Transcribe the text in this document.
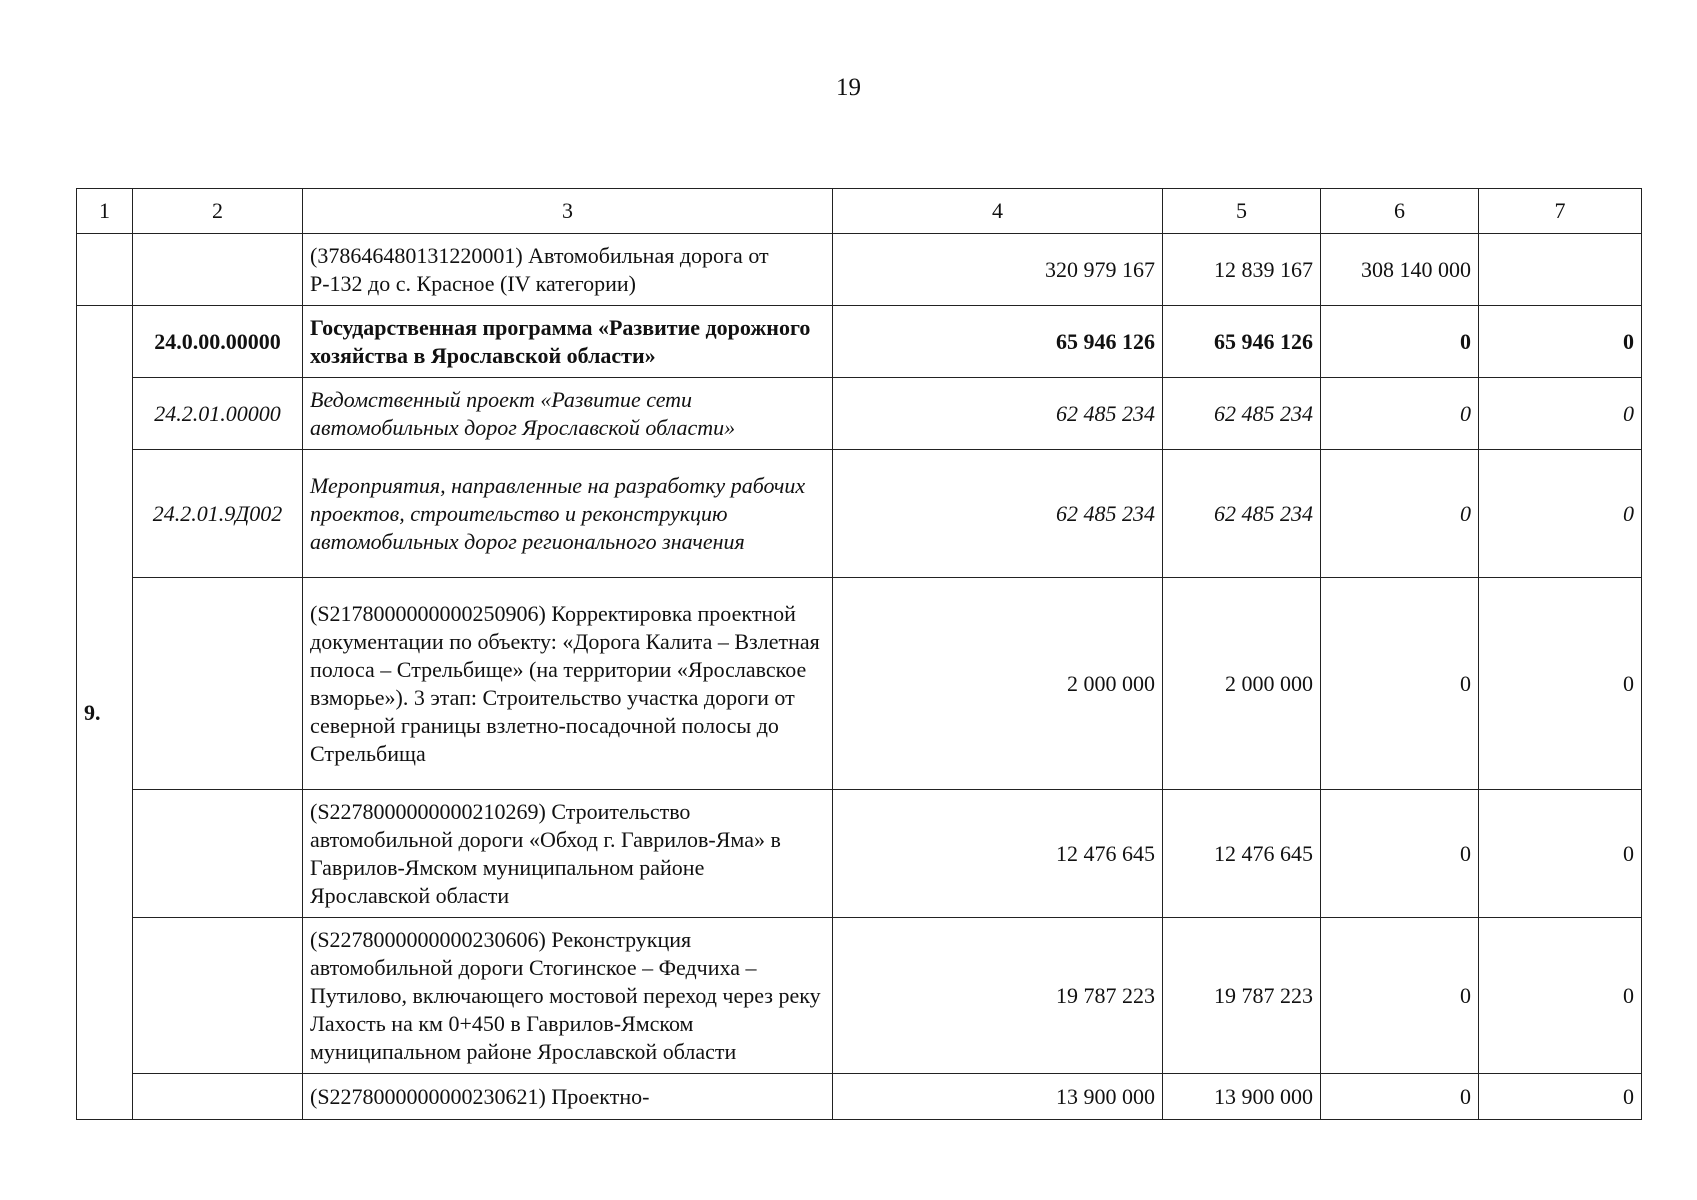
19
1	2	3	4	5	6	7
		(378646480131220001) Автомобильная дорога от Р-132 до с. Красное (IV категории)	320 979 167	12 839 167	308 140 000	
9.	24.0.00.00000	Государственная программа «Развитие дорожного хозяйства в Ярославской области»	65 946 126	65 946 126	0	0
	24.2.01.00000	Ведомственный проект «Развитие сети автомобильных дорог Ярославской области»	62 485 234	62 485 234	0	0
	24.2.01.9Д002	Мероприятия, направленные на разработку рабочих проектов, строительство и реконструкцию автомобильных дорог регионального значения	62 485 234	62 485 234	0	0
		(S2178000000000250906) Корректировка проектной документации по объекту: «Дорога Калита – Взлетная полоса – Стрельбище» (на территории «Ярославское взморье»). 3 этап: Строительство участка дороги от северной границы взлетно-посадочной полосы до Стрельбища	2 000 000	2 000 000	0	0
		(S2278000000000210269) Строительство автомобильной дороги «Обход г. Гаврилов-Яма» в Гаврилов-Ямском муниципальном районе Ярославской области	12 476 645	12 476 645	0	0
		(S2278000000000230606) Реконструкция автомобильной дороги Стогинское – Федчиха – Путилово, включающего мостовой переход через реку Лахость на км 0+450 в Гаврилов-Ямском муниципальном районе Ярославской области	19 787 223	19 787 223	0	0
		(S2278000000000230621) Проектно-	13 900 000	13 900 000	0	0
